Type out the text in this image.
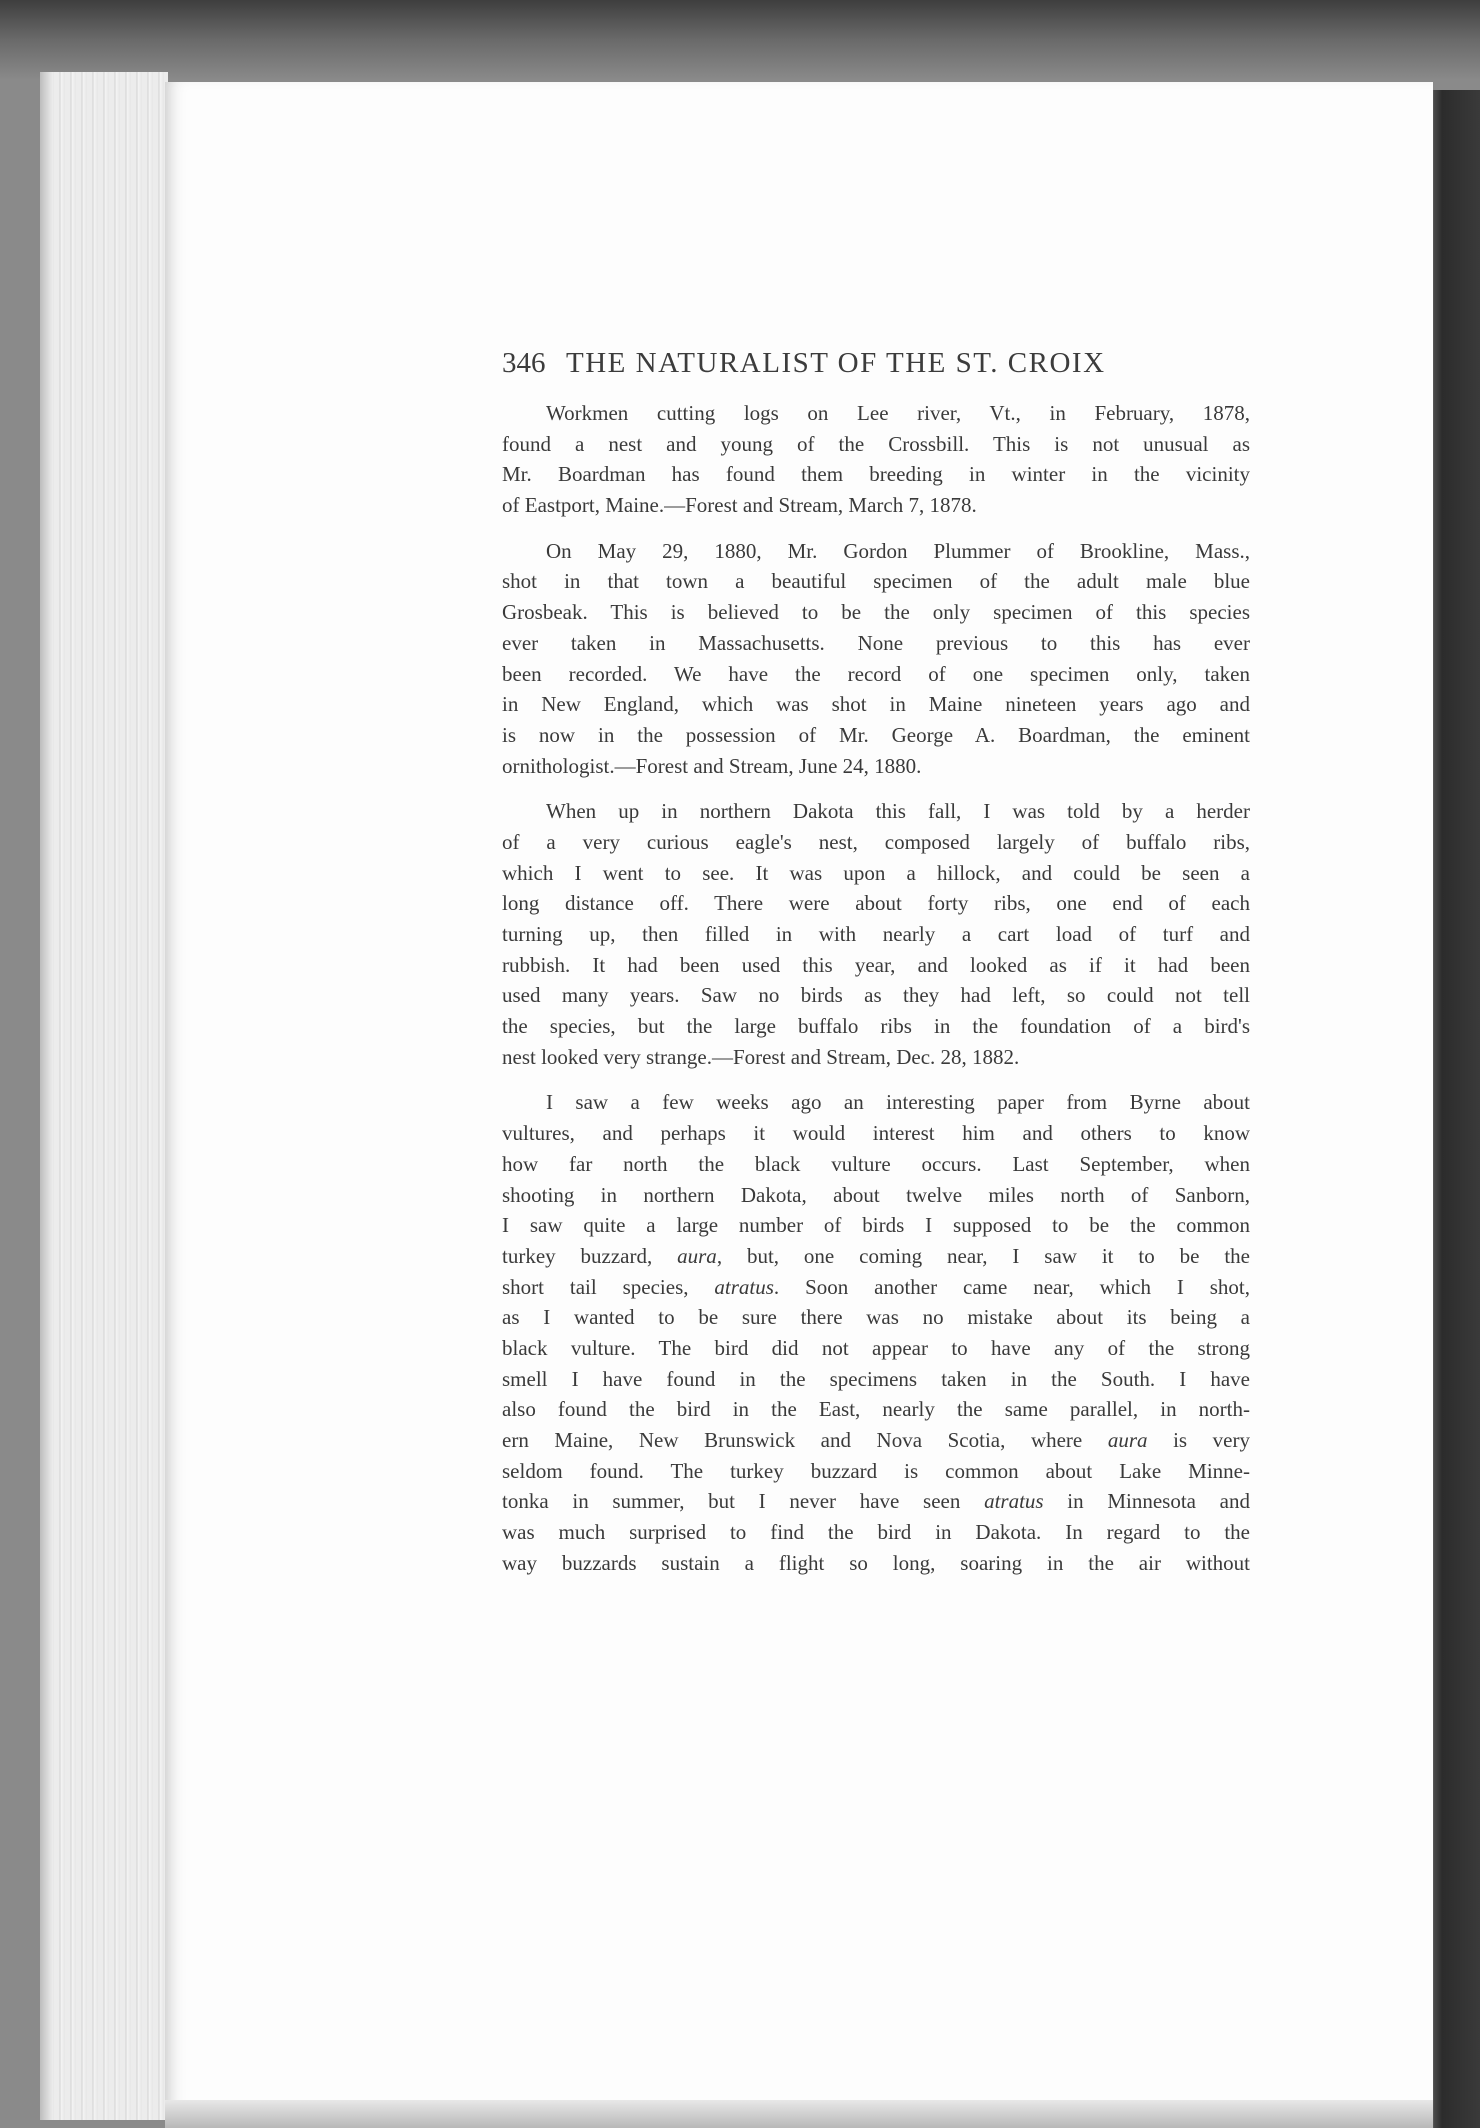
346 THE NATURALIST OF THE ST. CROIX
Workmen cutting logs on Lee river, Vt., in February, 1878,
found a nest and young of the Crossbill. This is not unusual as
Mr. Boardman has found them breeding in winter in the vicinity
of Eastport, Maine.—Forest and Stream, March 7, 1878.
On May 29, 1880, Mr. Gordon Plummer of Brookline, Mass.,
shot in that town a beautiful specimen of the adult male blue
Grosbeak. This is believed to be the only specimen of this species
ever taken in Massachusetts. None previous to this has ever
been recorded. We have the record of one specimen only, taken
in New England, which was shot in Maine nineteen years ago and
is now in the possession of Mr. George A. Boardman, the eminent
ornithologist.—Forest and Stream, June 24, 1880.
When up in northern Dakota this fall, I was told by a herder
of a very curious eagle's nest, composed largely of buffalo ribs,
which I went to see. It was upon a hillock, and could be seen a
long distance off. There were about forty ribs, one end of each
turning up, then filled in with nearly a cart load of turf and
rubbish. It had been used this year, and looked as if it had been
used many years. Saw no birds as they had left, so could not tell
the species, but the large buffalo ribs in the foundation of a bird's
nest looked very strange.—Forest and Stream, Dec. 28, 1882.
I saw a few weeks ago an interesting paper from Byrne about
vultures, and perhaps it would interest him and others to know
how far north the black vulture occurs. Last September, when
shooting in northern Dakota, about twelve miles north of Sanborn,
I saw quite a large number of birds I supposed to be the common
turkey buzzard, aura, but, one coming near, I saw it to be the
short tail species, atratus. Soon another came near, which I shot,
as I wanted to be sure there was no mistake about its being a
black vulture. The bird did not appear to have any of the strong
smell I have found in the specimens taken in the South. I have
also found the bird in the East, nearly the same parallel, in north-
ern Maine, New Brunswick and Nova Scotia, where aura is very
seldom found. The turkey buzzard is common about Lake Minne-
tonka in summer, but I never have seen atratus in Minnesota and
was much surprised to find the bird in Dakota. In regard to the
way buzzards sustain a flight so long, soaring in the air without
